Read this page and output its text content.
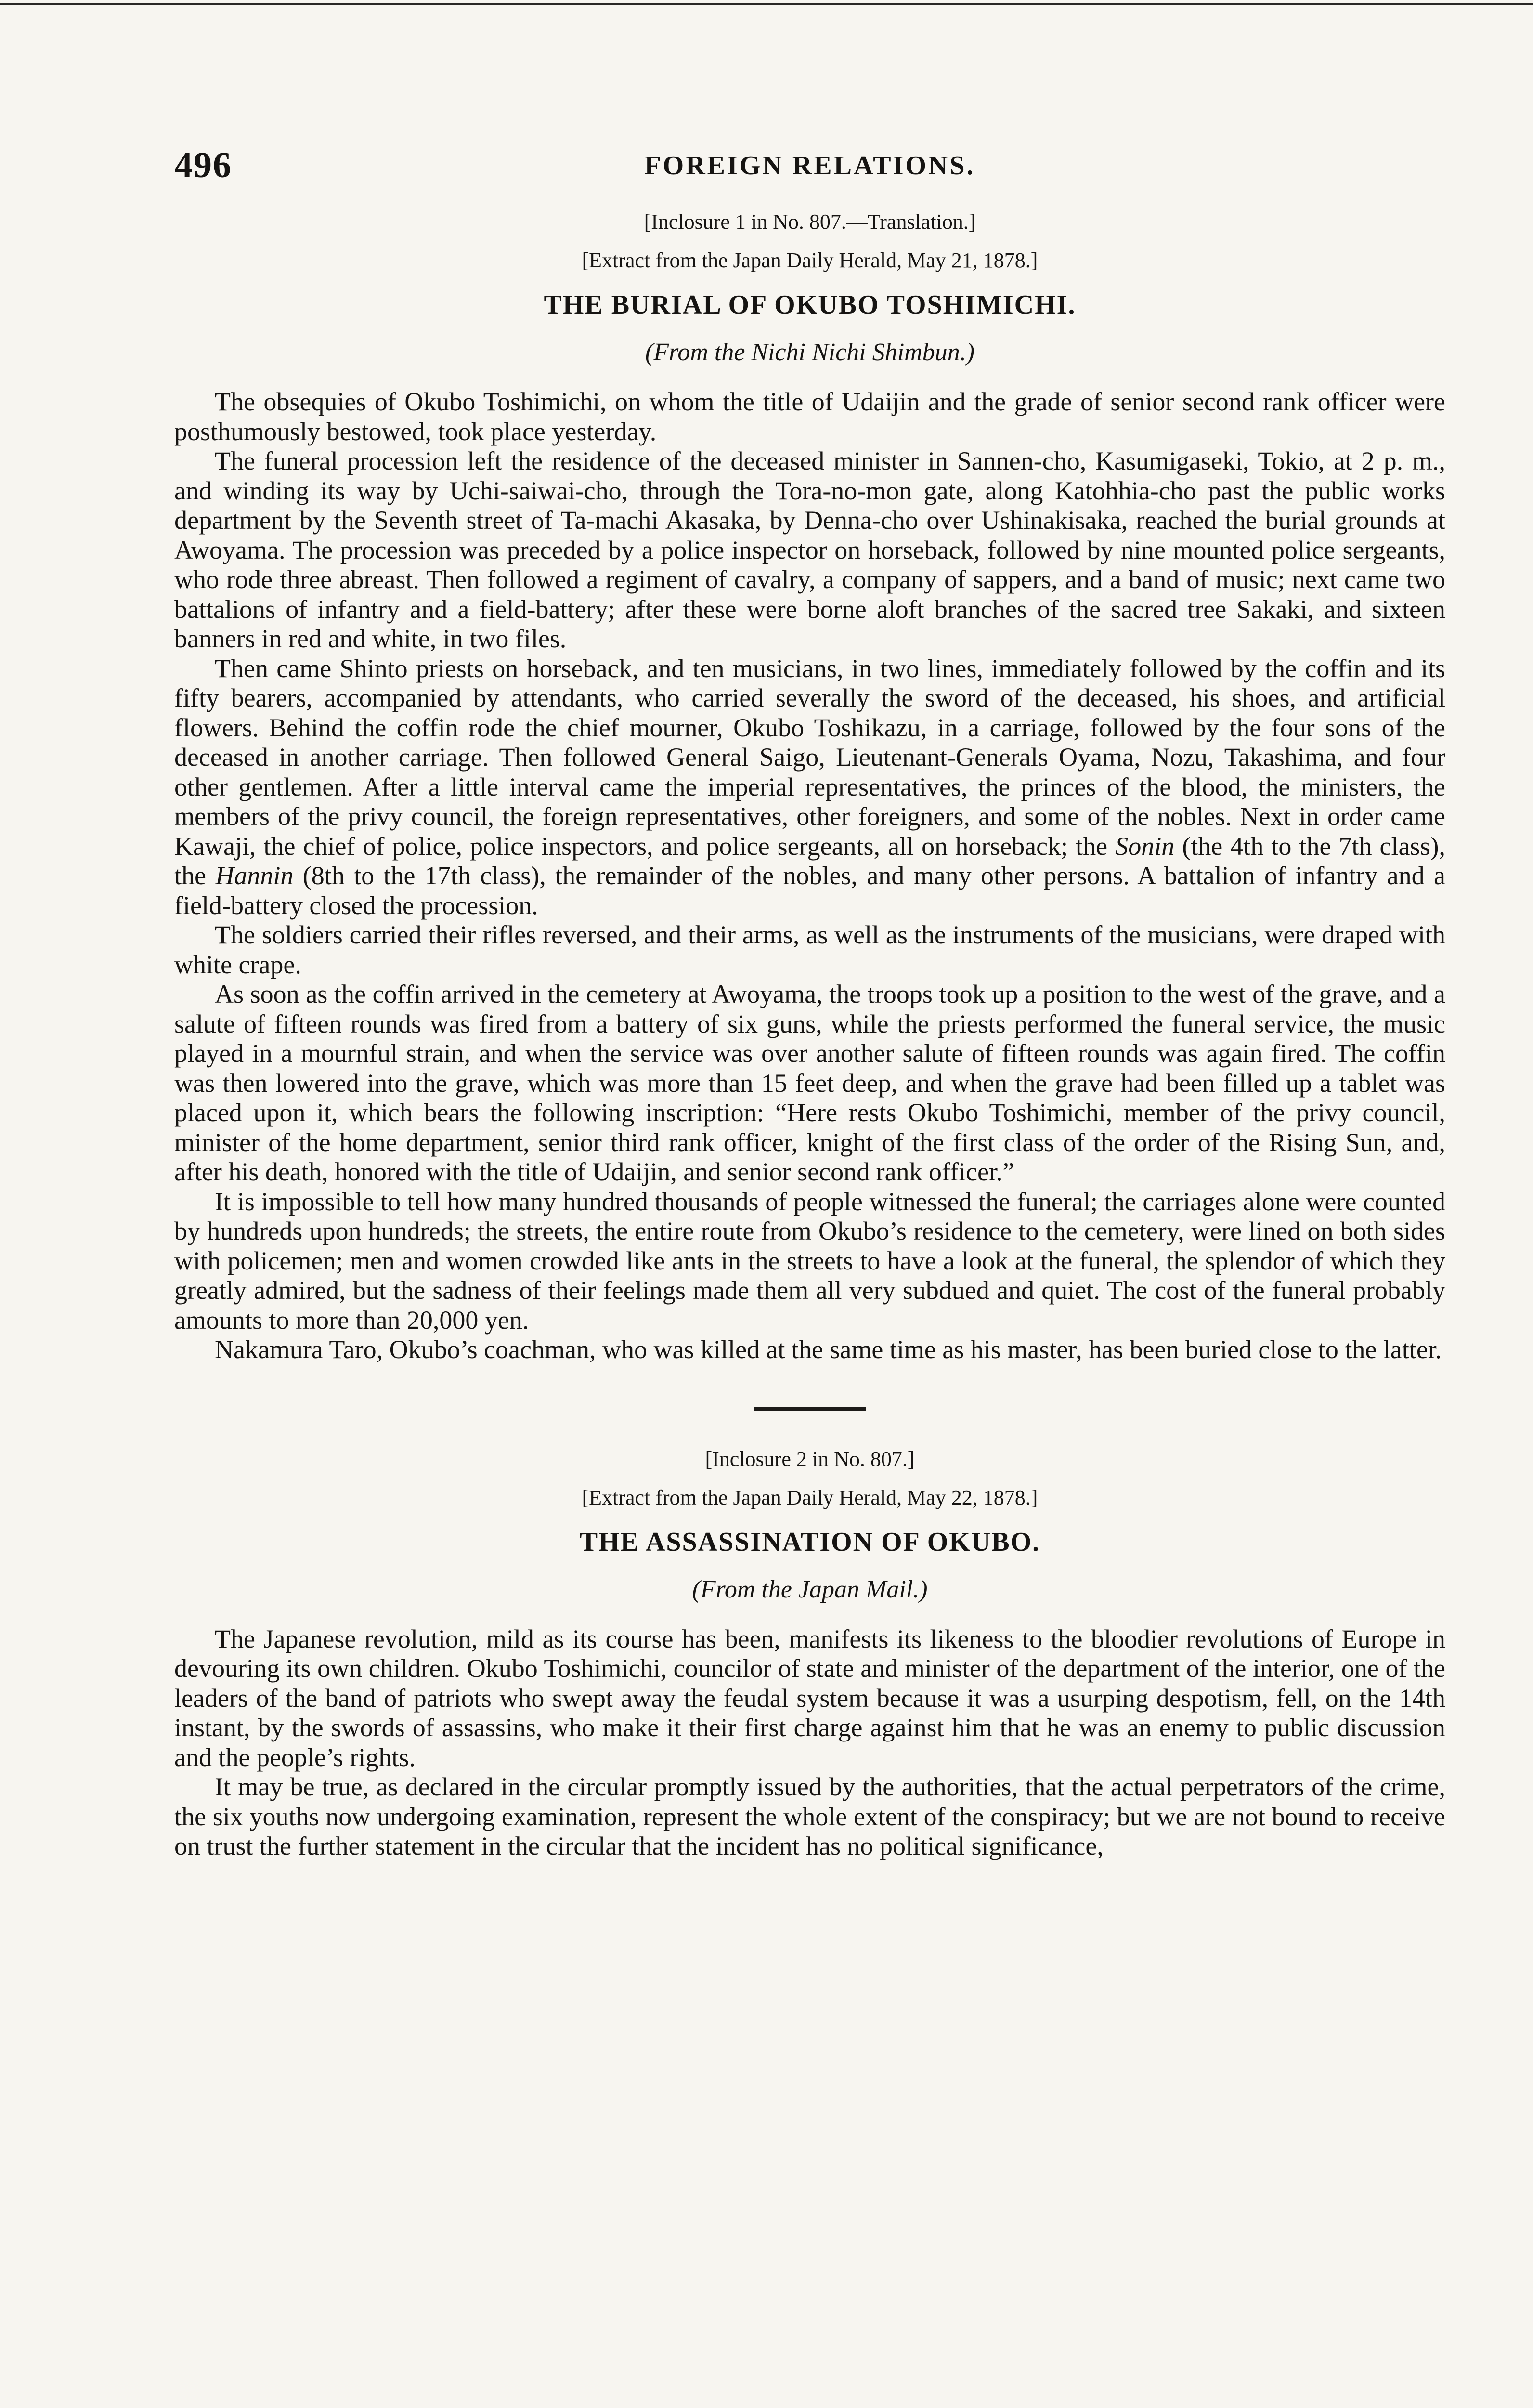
496	FOREIGN RELATIONS.

[Inclosure 1 in No. 807.—Translation.]

[Extract from the Japan Daily Herald, May 21, 1878.]

THE BURIAL OF OKUBO TOSHIMICHI.

(From the Nichi Nichi Shimbun.)

The obsequies of Okubo Toshimichi, on whom the title of Udaijin and the grade of senior second rank officer were posthumously bestowed, took place yesterday.

The funeral procession left the residence of the deceased minister in Sannen-cho, Kasumigaseki, Tokio, at 2 p. m., and winding its way by Uchi-saiwai-cho, through the Tora-no-mon gate, along Katohhia-cho past the public works department by the Seventh street of Ta-machi Akasaka, by Denna-cho over Ushinakisaka, reached the burial grounds at Awoyama. The procession was preceded by a police inspector on horseback, followed by nine mounted police sergeants, who rode three abreast. Then followed a regiment of cavalry, a company of sappers, and a band of music; next came two battalions of infantry and a field-battery; after these were borne aloft branches of the sacred tree Sakaki, and sixteen banners in red and white, in two files.

Then came Shinto priests on horseback, and ten musicians, in two lines, immediately followed by the coffin and its fifty bearers, accompanied by attendants, who carried severally the sword of the deceased, his shoes, and artificial flowers. Behind the coffin rode the chief mourner, Okubo Toshikazu, in a carriage, followed by the four sons of the deceased in another carriage. Then followed General Saigo, Lieutenant-Generals Oyama, Nozu, Takashima, and four other gentlemen. After a little interval came the imperial representatives, the princes of the blood, the ministers, the members of the privy council, the foreign representatives, other foreigners, and some of the nobles. Next in order came Kawaji, the chief of police, police inspectors, and police sergeants, all on horseback; the Sonin (the 4th to the 7th class), the Hannin (8th to the 17th class), the remainder of the nobles, and many other persons. A battalion of infantry and a field-battery closed the procession.

The soldiers carried their rifles reversed, and their arms, as well as the instruments of the musicians, were draped with white crape.

As soon as the coffin arrived in the cemetery at Awoyama, the troops took up a position to the west of the grave, and a salute of fifteen rounds was fired from a battery of six guns, while the priests performed the funeral service, the music played in a mournful strain, and when the service was over another salute of fifteen rounds was again fired. The coffin was then lowered into the grave, which was more than 15 feet deep, and when the grave had been filled up a tablet was placed upon it, which bears the following inscription: “Here rests Okubo Toshimichi, member of the privy council, minister of the home department, senior third rank officer, knight of the first class of the order of the Rising Sun, and, after his death, honored with the title of Udaijin, and senior second rank officer.”

It is impossible to tell how many hundred thousands of people witnessed the funeral; the carriages alone were counted by hundreds upon hundreds; the streets, the entire route from Okubo’s residence to the cemetery, were lined on both sides with policemen; men and women crowded like ants in the streets to have a look at the funeral, the splendor of which they greatly admired, but the sadness of their feelings made them all very subdued and quiet. The cost of the funeral probably amounts to more than 20,000 yen.

Nakamura Taro, Okubo’s coachman, who was killed at the same time as his master, has been buried close to the latter.

[Inclosure 2 in No. 807.]

[Extract from the Japan Daily Herald, May 22, 1878.]

THE ASSASSINATION OF OKUBO.

(From the Japan Mail.)

The Japanese revolution, mild as its course has been, manifests its likeness to the bloodier revolutions of Europe in devouring its own children. Okubo Toshimichi, councilor of state and minister of the department of the interior, one of the leaders of the band of patriots who swept away the feudal system because it was a usurping despotism, fell, on the 14th instant, by the swords of assassins, who make it their first charge against him that he was an enemy to public discussion and the people’s rights.

It may be true, as declared in the circular promptly issued by the authorities, that the actual perpetrators of the crime, the six youths now undergoing examination, represent the whole extent of the conspiracy; but we are not bound to receive on trust the further statement in the circular that the incident has no political significance,
